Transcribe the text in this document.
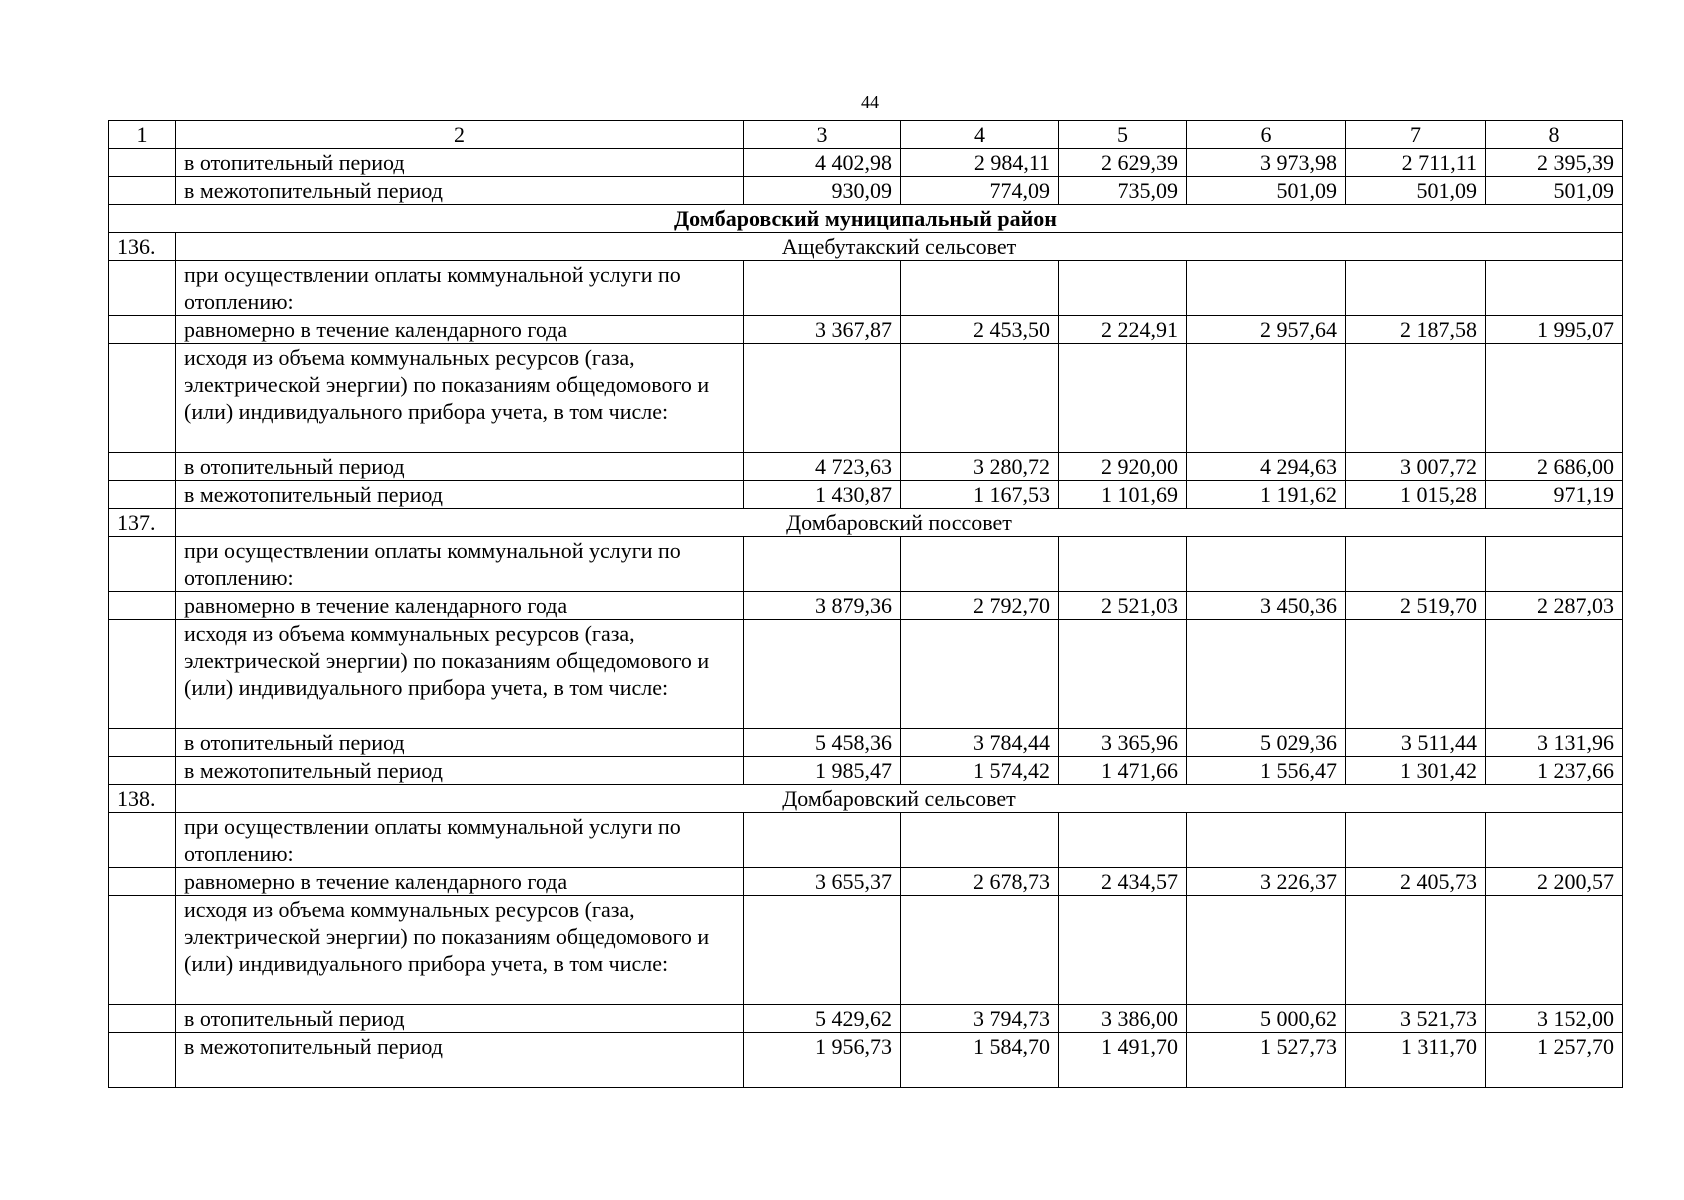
44
1	2	3	4	5	6	7	8
	в отопительный период	4 402,98	2 984,11	2 629,39	3 973,98	2 711,11	2 395,39
	в межотопительный период	930,09	774,09	735,09	501,09	501,09	501,09
Домбаровский муниципальный район							
136.	Ащебутакский сельсовет						
	при осуществлении оплаты коммунальной услуги по отоплению:						
	равномерно в течение календарного года	3 367,87	2 453,50	2 224,91	2 957,64	2 187,58	1 995,07
	исходя из объема коммунальных ресурсов (газа, электрической энергии) по показаниям общедомового и (или) индивидуального прибора учета, в том числе:						
	в отопительный период	4 723,63	3 280,72	2 920,00	4 294,63	3 007,72	2 686,00
	в межотопительный период	1 430,87	1 167,53	1 101,69	1 191,62	1 015,28	971,19
137.	Домбаровский поссовет						
	при осуществлении оплаты коммунальной услуги по отоплению:						
	равномерно в течение календарного года	3 879,36	2 792,70	2 521,03	3 450,36	2 519,70	2 287,03
	исходя из объема коммунальных ресурсов (газа, электрической энергии) по показаниям общедомового и (или) индивидуального прибора учета, в том числе:						
	в отопительный период	5 458,36	3 784,44	3 365,96	5 029,36	3 511,44	3 131,96
	в межотопительный период	1 985,47	1 574,42	1 471,66	1 556,47	1 301,42	1 237,66
138.	Домбаровский сельсовет						
	при осуществлении оплаты коммунальной услуги по отоплению:						
	равномерно в течение календарного года	3 655,37	2 678,73	2 434,57	3 226,37	2 405,73	2 200,57
	исходя из объема коммунальных ресурсов (газа, электрической энергии) по показаниям общедомового и (или) индивидуального прибора учета, в том числе:						
	в отопительный период	5 429,62	3 794,73	3 386,00	5 000,62	3 521,73	3 152,00
	в межотопительный период	1 956,73	1 584,70	1 491,70	1 527,73	1 311,70	1 257,70
